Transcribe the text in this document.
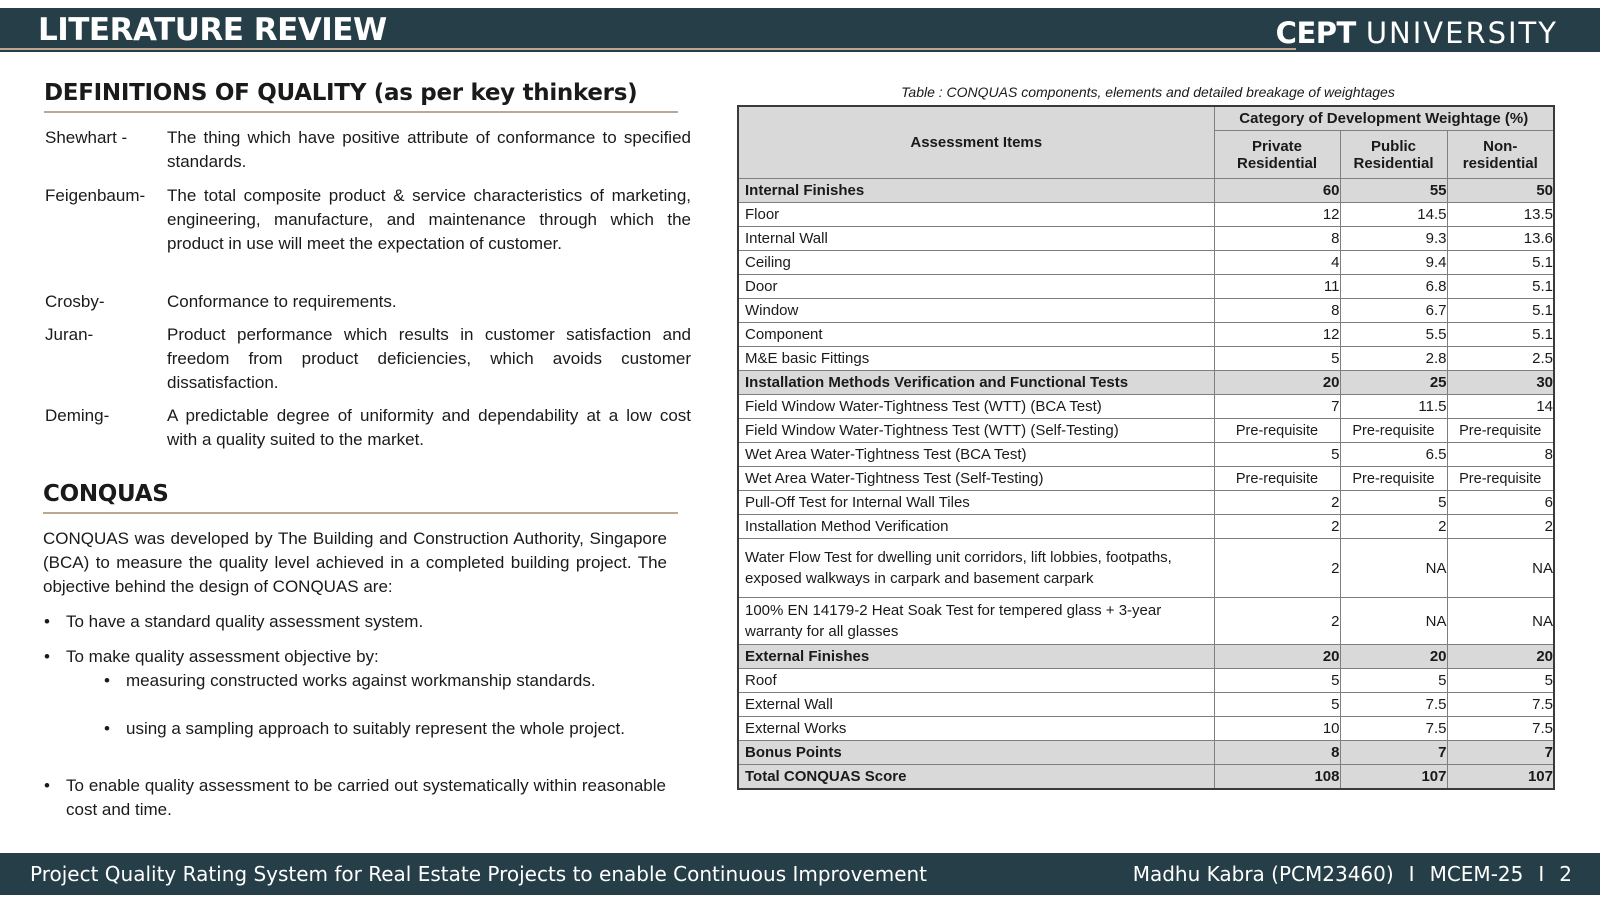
LITERATURE REVIEW	CEPT UNIVERSITY
DEFINITIONS OF QUALITY (as per key thinkers)
Shewhart - The thing which have positive attribute of conformance to specified standards.
Feigenbaum- The total composite product & service characteristics of marketing, engineering, manufacture, and maintenance through which the product in use will meet the expectation of customer.
Crosby-	Conformance to requirements.
Juran-	Product performance which results in customer satisfaction and freedom from product deficiencies, which avoids customer dissatisfaction.
Deming-	A predictable degree of uniformity and dependability at a low cost with a quality suited to the market.
CONQUAS
CONQUAS was developed by The Building and Construction Authority, Singapore (BCA) to measure the quality level achieved in a completed building project. The objective behind the design of CONQUAS are:
• To have a standard quality assessment system.
• To make quality assessment objective by:
• measuring constructed works against workmanship standards.
• using a sampling approach to suitably represent the whole project.
• To enable quality assessment to be carried out systematically within reasonable cost and time.
Table : CONQUAS components, elements and detailed breakage of weightages
Assessment Items	Category of Development Weightage (%)		
	Private Residential	Public Residential	Non-residential
Internal Finishes	60	55	50
Floor	12	14.5	13.5
Internal Wall	8	9.3	13.6
Ceiling	4	9.4	5.1
Door	11	6.8	5.1
Window	8	6.7	5.1
Component	12	5.5	5.1
M&E basic Fittings	5	2.8	2.5
Installation Methods Verification and Functional Tests	20	25	30
Field Window Water-Tightness Test (WTT) (BCA Test)	7	11.5	14
Field Window Water-Tightness Test (WTT) (Self-Testing)	Pre-requisite	Pre-requisite	Pre-requisite
Wet Area Water-Tightness Test (BCA Test)	5	6.5	8
Wet Area Water-Tightness Test (Self-Testing)	Pre-requisite	Pre-requisite	Pre-requisite
Pull-Off Test for Internal Wall Tiles	2	5	6
Installation Method Verification	2	2	2
Water Flow Test for dwelling unit corridors, lift lobbies, footpaths, exposed walkways in carpark and basement carpark	2	NA	NA
100% EN 14179-2 Heat Soak Test for tempered glass + 3-year warranty for all glasses	2	NA	NA
External Finishes	20	20	20
Roof	5	5	5
External Wall	5	7.5	7.5
External Works	10	7.5	7.5
Bonus Points	8	7	7
Total CONQUAS Score	108	107	107
Project Quality Rating System for Real Estate Projects to enable Continuous Improvement	Madhu Kabra (PCM23460) I MCEM-25 I 2
